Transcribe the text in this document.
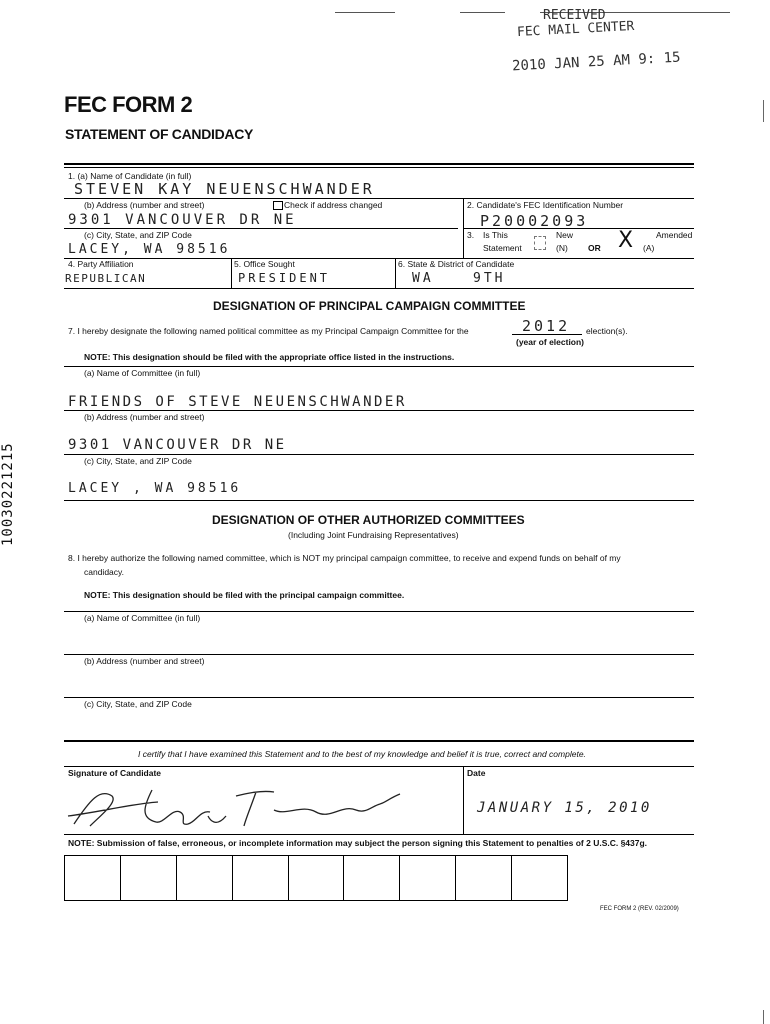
RECEIVED
FEC MAIL CENTER
2010 JAN 25 AM 9: 15
10030221215
FEC FORM 2
STATEMENT OF CANDIDACY
1. (a) Name of Candidate (in full)
STEVEN KAY NEUENSCHWANDER
(b) Address (number and street)	Check if address changed
9301 VANCOUVER DR NE
2. Candidate's FEC Identification Number
P20002093
(c) City, State, and ZIP Code
LACEY, WA 98516
3. Is This
Statement
New
(N) OR X	Amended
(A)
4. Party Affiliation
REPUBLICAN
5. Office Sought
PRESIDENT
6. State & District of Candidate
WA	9TH
DESIGNATION OF PRINCIPAL CAMPAIGN COMMITTEE
7. I hereby designate the following named political committee as my Principal Campaign Committee for the	2012 election(s).
(year of election)
NOTE: This designation should be filed with the appropriate office listed in the instructions.
(a) Name of Committee (in full)
FRIENDS OF STEVE NEUENSCHWANDER
(b) Address (number and street)
9301 VANCOUVER DR NE
(c) City, State, and ZIP Code
LACEY , WA 98516
DESIGNATION OF OTHER AUTHORIZED COMMITTEES
(Including Joint Fundraising Representatives)
8. I hereby authorize the following named committee, which is NOT my principal campaign committee, to receive and expend funds on behalf of my
candidacy.
NOTE: This designation should be filed with the principal campaign committee.
(a) Name of Committee (in full)
(b) Address (number and street)
(c) City, State, and ZIP Code
I certify that I have examined this Statement and to the best of my knowledge and belief it is true, correct and complete.
Signature of Candidate	Date
JANUARY 15, 2010
NOTE: Submission of false, erroneous, or incomplete information may subject the person signing this Statement to penalties of 2 U.S.C. §437g.
FEC FORM 2 (REV. 02/2009)
